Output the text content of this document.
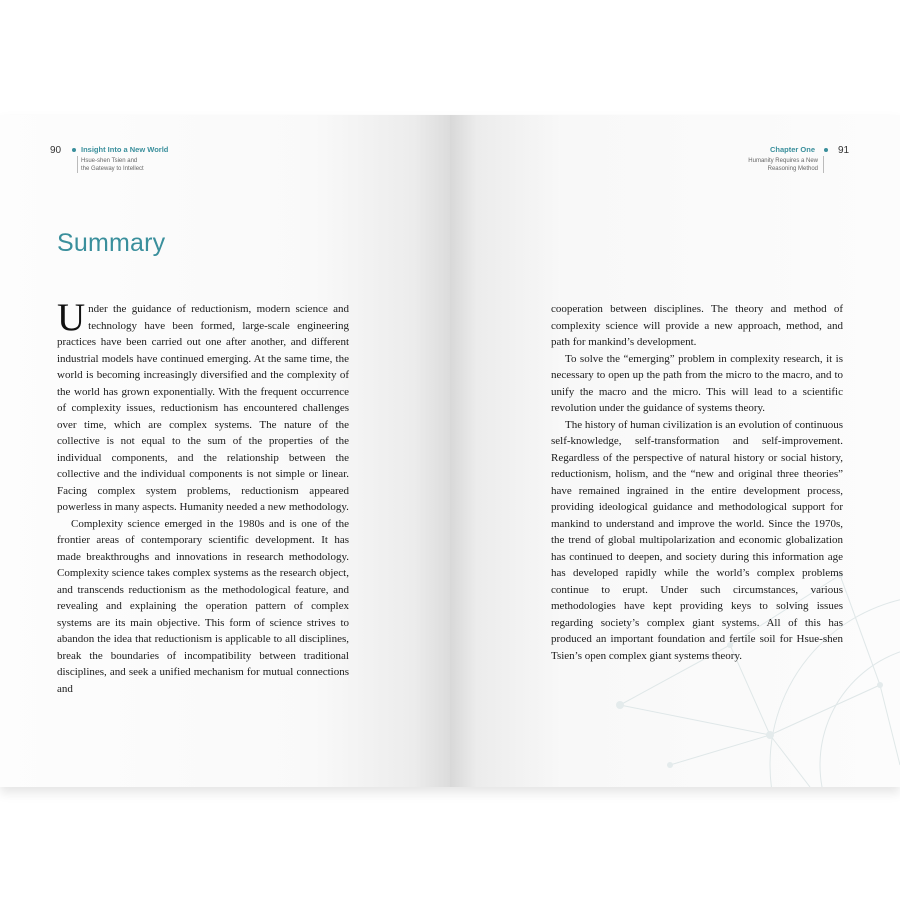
90	Insight Into a New World
Hsue-shen Tsien and
the Gateway to Intellect
Summary

Under the guidance of reductionism, modern science and technology have been formed, large-scale engineering practices have been carried out one after another, and different industrial models have continued emerging. At the same time, the world is becoming increasingly diversified and the complexity of the world has grown exponentially. With the frequent occurrence of complexity issues, reductionism has encountered challenges over time, which are complex systems. The nature of the collective is not equal to the sum of the properties of the individual components, and the relationship between the collective and the individual components is not simple or linear. Facing complex system problems, reductionism appeared powerless in many aspects. Humanity needed a new methodology.

Complexity science emerged in the 1980s and is one of the frontier areas of contemporary scientific development. It has made breakthroughs and innovations in research methodology. Complexity science takes complex systems as the research object, and transcends reductionism as the methodological feature, and revealing and explaining the operation pattern of complex systems are its main objective. This form of science strives to abandon the idea that reductionism is applicable to all disciplines, break the boundaries of incompatibility between traditional disciplines, and seek a unified mechanism for mutual connections and

Chapter One
Humanity Requires a New
Reasoning Method
91

cooperation between disciplines. The theory and method of complexity science will provide a new approach, method, and path for mankind’s development.

To solve the “emerging” problem in complexity research, it is necessary to open up the path from the micro to the macro, and to unify the macro and the micro. This will lead to a scientific revolution under the guidance of systems theory.

The history of human civilization is an evolution of continuous self-knowledge, self-transformation and self-improvement. Regardless of the perspective of natural history or social history, reductionism, holism, and the “new and original three theories” have remained ingrained in the entire development process, providing ideological guidance and methodological support for mankind to understand and improve the world. Since the 1970s, the trend of global multipolarization and economic globalization has continued to deepen, and society during this information age has developed rapidly while the world’s complex problems continue to erupt. Under such circumstances, various methodologies have kept providing keys to solving issues regarding society’s complex giant systems. All of this has produced an important foundation and fertile soil for Hsue-shen Tsien’s open complex giant systems theory.
